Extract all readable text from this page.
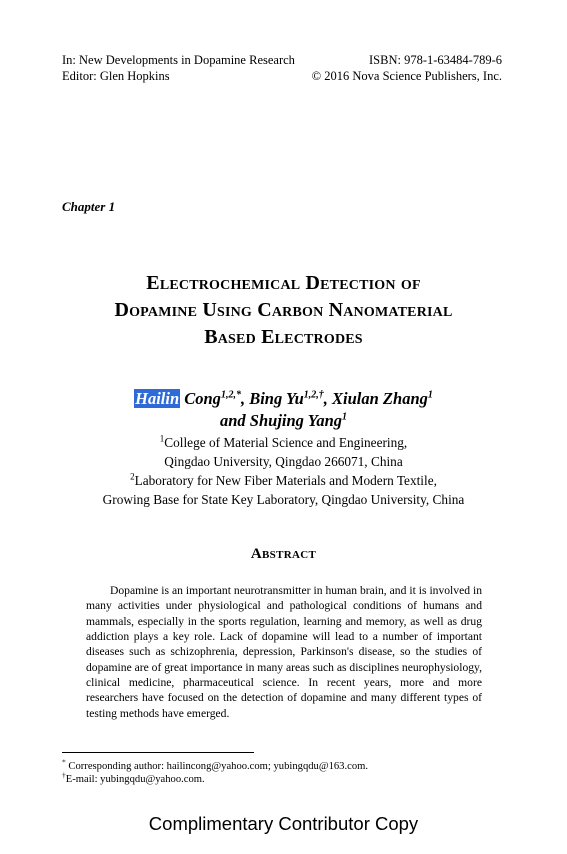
In: New Developments in Dopamine Research	ISBN: 978-1-63484-789-6
Editor: Glen Hopkins	© 2016 Nova Science Publishers, Inc.
Chapter 1
Electrochemical Detection of
Dopamine Using Carbon Nanomaterial
Based Electrodes
Hailin Cong$^{1,2,*}$, Bing $Yu^{1,2,\dagger}$, Xiulan Zhang$^1$
and Shujing Yang$^1$
$^1$College of Material Science and Engineering,
Qingdao University, Qingdao 266071, China
$^2$Laboratory for New Fiber Materials and Modern Textile,
Growing Base for State Key Laboratory, Qingdao University, China
Abstract
Dopamine is an important neurotransmitter in human brain, and it is involved in many activities under physiological and pathological conditions of humans and mammals, especially in the sports regulation, learning and memory, as well as drug addiction plays a key role. Lack of dopamine will lead to a number of important diseases such as schizophrenia, depression, Parkinson's disease, so the studies of dopamine are of great importance in many areas such as disciplines neurophysiology, clinical medicine, pharmaceutical science. In recent years, more and more researchers have focused on the detection of dopamine and many different types of testing methods have emerged.
* Corresponding author: hailincong@yahoo.com; yubingqdu@163.com.
†E-mail: yubingqdu@yahoo.com.
Complimentary Contributor Copy
